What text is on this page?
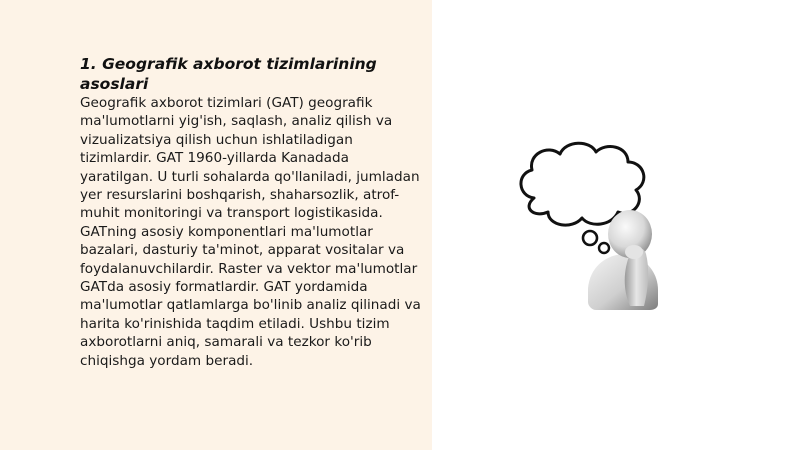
1. Geografik axborot tizimlarining asoslari

Geografik axborot tizimlari (GAT) geografik ma'lumotlarni yig'ish, saqlash, analiz qilish va vizualizatsiya qilish uchun ishlatiladigan tizimlardir. GAT 1960-yillarda Kanadada yaratilgan. U turli sohalarda qo'llaniladi, jumladan yer resurslarini boshqarish, shaharsozlik, atrof-muhit monitoringi va transport logistikasida. GATning asosiy komponentlari ma'lumotlar bazalari, dasturiy ta'minot, apparat vositalar va foydalanuvchilardir. Raster va vektor ma'lumotlar GATda asosiy formatlardir. GAT yordamida ma'lumotlar qatlamlarga bo'linib analiz qilinadi va harita ko'rinishida taqdim etiladi. Ushbu tizim axborotlarni aniq, samarali va tezkor ko'rib chiqishga yordam beradi.
